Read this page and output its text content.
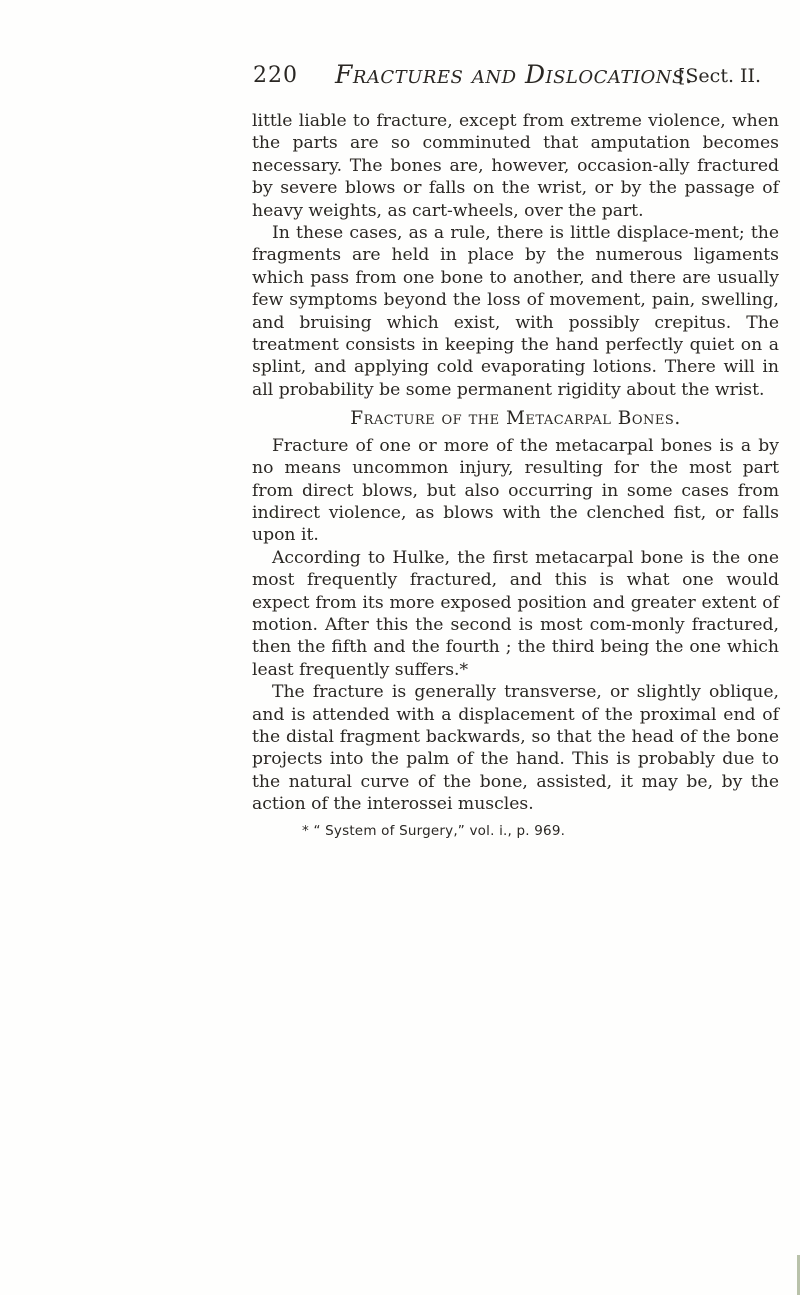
220 Fractures and Dislocations.
[Sect. II.

little liable to fracture, except from extreme violence, when the parts are so comminuted that amputation becomes necessary. The bones are, however, occasion-ally fractured by severe blows or falls on the wrist, or by the passage of heavy weights, as cart-wheels, over the part.

In these cases, as a rule, there is little displace-ment; the fragments are held in place by the numerous ligaments which pass from one bone to another, and there are usually few symptoms beyond the loss of movement, pain, swelling, and bruising which exist, with possibly crepitus. The treatment consists in keeping the hand perfectly quiet on a splint, and applying cold evaporating lotions. There will in all probability be some permanent rigidity about the wrist.

Fracture of the Metacarpal Bones.

Fracture of one or more of the metacarpal bones is a by no means uncommon injury, resulting for the most part from direct blows, but also occurring in some cases from indirect violence, as blows with the clenched fist, or falls upon it.

According to Hulke, the first metacarpal bone is the one most frequently fractured, and this is what one would expect from its more exposed position and greater extent of motion. After this the second is most com-monly fractured, then the fifth and the fourth ; the third being the one which least frequently suffers.*

The fracture is generally transverse, or slightly oblique, and is attended with a displacement of the proximal end of the distal fragment backwards, so that the head of the bone projects into the palm of the hand. This is probably due to the natural curve of the bone, assisted, it may be, by the action of the interossei muscles.

* “ System of Surgery,” vol. i., p. 969.
